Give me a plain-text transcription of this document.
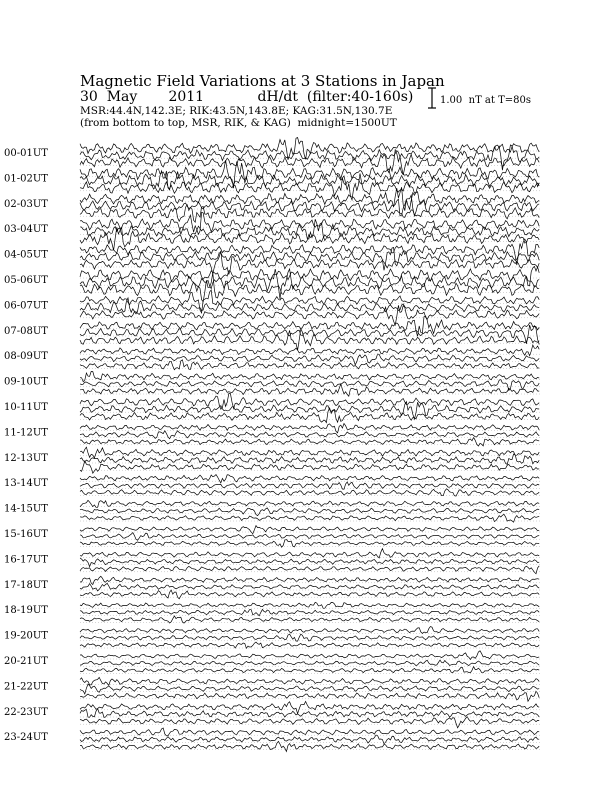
Magnetic Field Variations at 3 Stations in Japan
30  May       2011            dH/dt  (filter:40-160s)
MSR:44.4N,142.3E; RIK:43.5N,143.8E; KAG:31.5N,130.7E
(from bottom to top, MSR, RIK, & KAG)  midnight=1500UT
1.00  nT at T=80s
00-01UT
01-02UT
02-03UT
03-04UT
04-05UT
05-06UT
06-07UT
07-08UT
08-09UT
09-10UT
10-11UT
11-12UT
12-13UT
13-14UT
14-15UT
15-16UT
16-17UT
17-18UT
18-19UT
19-20UT
20-21UT
21-22UT
22-23UT
23-24UT
